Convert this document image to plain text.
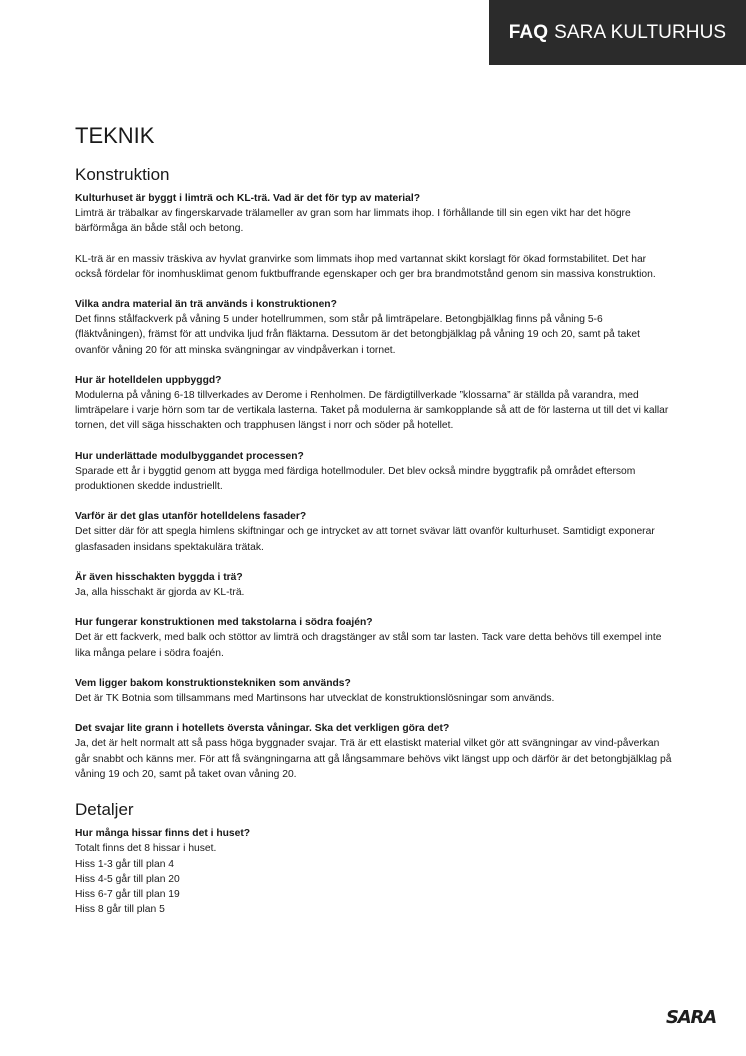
FAQ SARA KULTURHUS
TEKNIK
Konstruktion
Kulturhuset är byggt i limträ och KL-trä. Vad är det för typ av material?
Limträ är träbalkar av fingerskarvade trälameller av gran som har limmats ihop. I förhållande till sin egen vikt har det högre bärförmåga än både stål och betong.
KL-trä är en massiv träskiva av hyvlat granvirke som limmats ihop med vartannat skikt korslagt för ökad formstabilitet. Det har också fördelar för inomhusklimat genom fuktbuffrande egenskaper och ger bra brandmotstånd genom sin massiva konstruktion.
Vilka andra material än trä används i konstruktionen?
Det finns stålfackverk på våning 5 under hotellrummen, som står på limträpelare. Betongbjälklag finns på våning 5-6 (fläktvåningen), främst för att undvika ljud från fläktarna. Dessutom är det betongbjälklag på våning 19 och 20, samt på taket ovanför våning 20 för att minska svängningar av vindpåverkan i tornet.
Hur är hotelldelen uppbyggd?
Modulerna på våning 6-18 tillverkades av Derome i Renholmen. De färdigtillverkade ”klossarna” är ställda på varandra, med limträpelare i varje hörn som tar de vertikala lasterna. Taket på modulerna är samkopplande så att de för lasterna ut till det vi kallar tornen, det vill säga hisschakten och trapphusen längst i norr och söder på hotellet.
Hur underlättade modulbyggandet processen?
Sparade ett år i byggtid genom att bygga med färdiga hotellmoduler. Det blev också mindre byggtrafik på området eftersom produktionen skedde industriellt.
Varför är det glas utanför hotelldelens fasader?
Det sitter där för att spegla himlens skiftningar och ge intrycket av att tornet svävar lätt ovanför kulturhuset. Samtidigt exponerar glasfasaden insidans spektakulära trätak.
Är även hisschakten byggda i trä?
Ja, alla hisschakt är gjorda av KL-trä.
Hur fungerar konstruktionen med takstolarna i södra foajén?
Det är ett fackverk, med balk och stöttor av limträ och dragstänger av stål som tar lasten. Tack vare detta behövs till exempel inte lika många pelare i södra foajén.
Vem ligger bakom konstruktionstekniken som används?
Det är TK Botnia som tillsammans med Martinsons har utvecklat de konstruktionslösningar som används.
Det svajar lite grann i hotellets översta våningar. Ska det verkligen göra det?
Ja, det är helt normalt att så pass höga byggnader svajar. Trä är ett elastiskt material vilket gör att svängningar av vind-påverkan går snabbt och känns mer. För att få svängningarna att gå långsammare behövs vikt längst upp och därför är det betongbjälklag på våning 19 och 20, samt på taket ovan våning 20.
Detaljer
Hur många hissar finns det i huset?
Totalt finns det 8 hissar i huset.
Hiss 1-3 går till plan 4
Hiss 4-5 går till plan 20
Hiss 6-7 går till plan 19
Hiss 8 går till plan 5
SARA
